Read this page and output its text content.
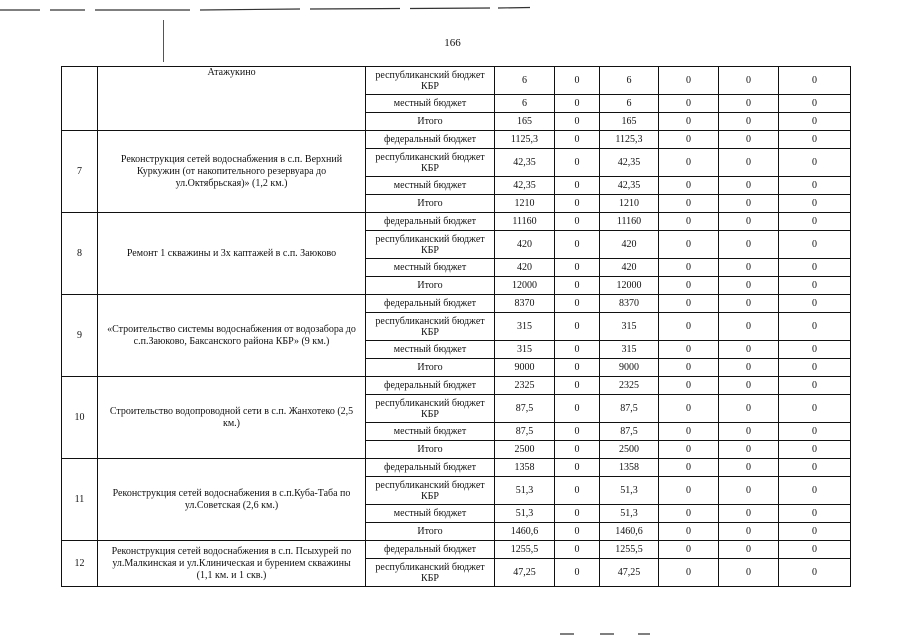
166
	Атажукино	республиканский бюджет КБР	6	0	6	0	0	0
		местный бюджет	6	0	6	0	0	0
		Итого	165	0	165	0	0	0
7	Реконструкция сетей водоснабжения в с.п. Верхний Куркужин (от накопительного резервуара до ул.Октябрьская)» (1,2 км.)	федеральный бюджет	1125,3	0	1125,3	0	0	0
		республиканский бюджет КБР	42,35	0	42,35	0	0	0
		местный бюджет	42,35	0	42,35	0	0	0
		Итого	1210	0	1210	0	0	0
8	Ремонт 1 скважины и 3х каптажей в с.п. Заюково	федеральный бюджет	11160	0	11160	0	0	0
		республиканский бюджет КБР	420	0	420	0	0	0
		местный бюджет	420	0	420	0	0	0
		Итого	12000	0	12000	0	0	0
9	«Строительство системы водоснабжения от водозабора до с.п.Заюково, Баксанского района КБР» (9 км.)	федеральный бюджет	8370	0	8370	0	0	0
		республиканский бюджет КБР	315	0	315	0	0	0
		местный бюджет	315	0	315	0	0	0
		Итого	9000	0	9000	0	0	0
10	Строительство водопроводной сети в с.п. Жанхотеко (2,5 км.)	федеральный бюджет	2325	0	2325	0	0	0
		республиканский бюджет КБР	87,5	0	87,5	0	0	0
		местный бюджет	87,5	0	87,5	0	0	0
		Итого	2500	0	2500	0	0	0
11	Реконструкция сетей водоснабжения в с.п.Куба-Таба по ул.Советская (2,6 км.)	федеральный бюджет	1358	0	1358	0	0	0
		республиканский бюджет КБР	51,3	0	51,3	0	0	0
		местный бюджет	51,3	0	51,3	0	0	0
		Итого	1460,6	0	1460,6	0	0	0
12	Реконструкция сетей водоснабжения в с.п. Псыхурей по ул.Малкинская и ул.Клиническая и бурением скважины (1,1 км. и 1 скв.)	федеральный бюджет	1255,5	0	1255,5	0	0	0
		республиканский бюджет КБР	47,25	0	47,25	0	0	0
